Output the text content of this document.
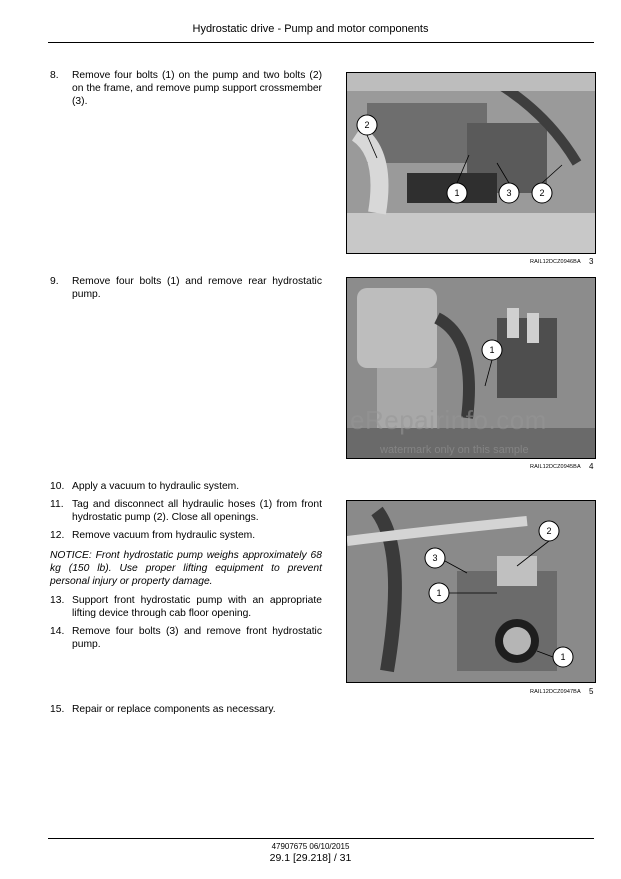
Hydrostatic drive - Pump and motor components
8.	Remove four bolts (1) on the pump and two bolts (2) on the frame, and remove pump support crossmember (3).
9.	Remove four bolts (1) and remove rear hydrostatic pump.
10. Apply a vacuum to hydraulic system.
11. Tag and disconnect all hydraulic hoses (1) from front hydrostatic pump (2). Close all openings.
12. Remove vacuum from hydraulic system.
NOTICE: Front hydrostatic pump weighs approximately 68 kg (150 lb). Use proper lifting equipment to prevent personal injury or property damage.
13. Support front hydrostatic pump with an appropriate lifting device through cab floor opening.
14. Remove four bolts (3) and remove front hydrostatic pump.
15. Repair or replace components as necessary.
2
1	3	2
RAIL12DCZ0946BA 3
1
eRepairinfo.com
watermark only on this sample
RAIL12DCZ0945BA 4
2
3
1
1
RAIL12DCZ0947BA 5
47907675 06/10/2015
29.1 [29.218] / 31
